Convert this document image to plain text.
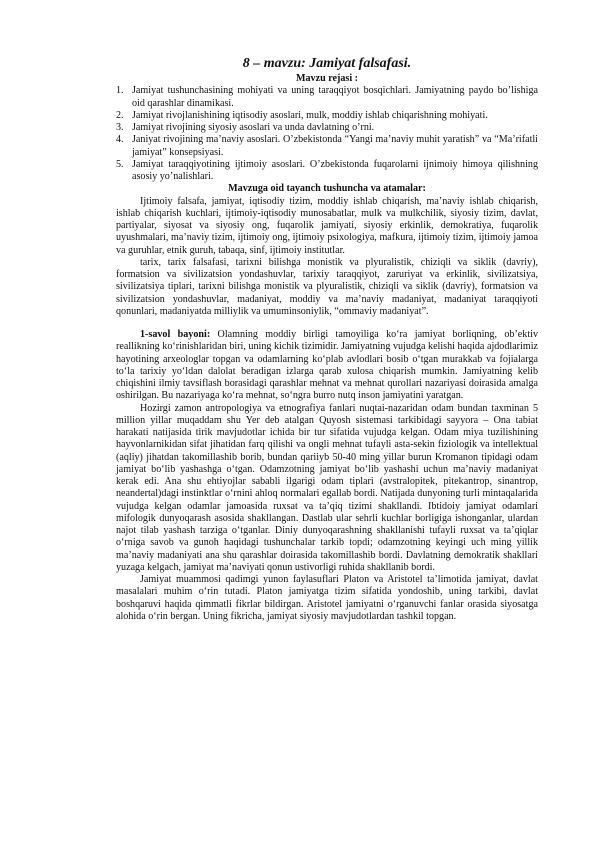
8 – mavzu: Jamiyat falsafasi.
Mavzu rejasi :
1. Jamiyat tushunchasining mohiyati va uning taraqqiyot bosqichlari. Jamiyatning paydo bo’lishiga oid qarashlar dinamikasi.
2. Jamiyat rivojlanishining iqtisodiy asoslari, mulk, moddiy ishlab chiqarishning mohiyati.
3. Jamiyat rivojining siyosiy asoslari va unda davlatning o’rni.
4. Janiyat rivojining ma’naviy asoslari. O’zbekistonda “Yangi ma’naviy muhit yaratish” va “Ma’rifatli jamiyat” konsepsiyasi.
5. Jamiyat taraqqiyotining ijtimoiy asoslari. O’zbekistonda fuqarolarni ijnimoiy himoya qilishning asosiy yo’nalishlari.
Mavzuga oid tayanch tushuncha va atamalar:

Ijtimoiy falsafa, jamiyat, iqtisodiy tizim, moddiy ishlab chiqarish, ma’naviy ishlab chiqarish, ishlab chiqarish kuchlari, ijtimoiy-iqtisodiy munosabatlar, mulk va mulkchilik, siyosiy tizim, davlat, partiyalar, siyosat va siyosiy ong, fuqarolik jamiyati, siyosiy erkinlik, demokratiya, fuqarolik uyushmalari, ma’naviy tizim, ijtimoiy ong, ijtimoiy psixologiya, mafkura, ijtimoiy tizim, ijtimoiy jamoa va guruhlar, etnik guruh, tabaqa, sinf, ijtimoiy institutlar.

tarix, tarix falsafasi, tarixni bilishga monistik va plyuralistik, chiziqli va siklik (davriy), formatsion va sivilizatsion yondashuvlar, tarixiy taraqqiyot, zaruriyat va erkinlik, sivilizatsiya, sivilizatsiya tiplari, tarixni bilishga monistik va plyuralistik, chiziqli va siklik (davriy), formatsion va sivilizatsion yondashuvlar, madaniyat, moddiy va ma’naviy madaniyat, madaniyat taraqqiyoti qonunlari, madaniyatda milliylik va umuminsoniylik, “ommaviy madaniyat”.

1-savol bayoni: Olamning moddiy birligi tamoyiliga ko‘ra jamiyat borliqning, ob’ektiv reallikning ko‘rinishlaridan biri, uning kichik tizimidir. Jamiyatning vujudga kelishi haqida ajdodlarimiz hayotining arxeologlar topgan va odamlarning ko‘plab avlodlari bosib o‘tgan murakkab va fojialarga to‘la tarixiy yo‘ldan dalolat beradigan izlarga qarab xulosa chiqarish mumkin. Jamiyatning kelib chiqishini ilmiy tavsiflash borasidagi qarashlar mehnat va mehnat qurollari nazariyasi doirasida amalga oshirilgan. Bu nazariyaga ko‘ra mehnat, so‘ngra burro nutq inson jamiyatini yaratgan.

Hozirgi zamon antropologiya va etnografiya fanlari nuqtai-nazaridan odam bundan taxminan 5 million yillar muqaddam shu Yer deb atalgan Quyosh sistemasi tarkibidagi sayyora – Ona tabiat harakati natijasida tirik mavjudotlar ichida bir tur sifatida vujudga kelgan. Odam miya tuzilishining hayvonlarnikidan sifat jihatidan farq qilishi va ongli mehnat tufayli asta-sekin fiziologik va intellektual (aqliy) jihatdan takomillashib borib, bundan qariiyb 50-40 ming yillar burun Kromanon tipidagi odam jamiyat bo‘lib yashashga o‘tgan. Odamzotning jamiyat bo‘lib yashashi uchun ma’naviy madaniyat kerak edi. Ana shu ehtiyojlar sababli ilgarigi odam tiplari (avstralopitek, pitekantrop, sinantrop, neandertal)dagi instinktlar o‘rnini ahloq normalari egallab bordi. Natijada dunyoning turli mintaqalarida vujudga kelgan odamlar jamoasida ruxsat va ta’qiq tizimi shakllandi. Ibtidoiy jamiyat odamlari mifologik dunyoqarash asosida shakllangan. Dastlab ular sehrli kuchlar borligiga ishonganlar, ulardan najot tilab yashash tarziga o‘tganlar. Diniy dunyoqarashning shakllanishi tufayli ruxsat va ta’qiqlar o‘rniga savob va gunoh haqidagi tushunchalar tarkib topdi; odamzotning keyingi uch ming yillik ma’naviy madaniyati ana shu qarashlar doirasida takomillashib bordi. Davlatning demokratik shakllari yuzaga kelgach, jamiyat ma’naviyati qonun ustivorligi ruhida shakllanib bordi.

Jamiyat muammosi qadimgi yunon faylasuflari Platon va Aristotel ta’limotida jamiyat, davlat masalalari muhim o‘rin tutadi. Platon jamiyatga tizim sifatida yondoshib, uning tarkibi, davlat boshqaruvi haqida qimmatli fikrlar bildirgan. Aristotel jamiyatni o‘rganuvchi fanlar orasida siyosatga alohida o‘rin bergan. Uning fikricha, jamiyat siyosiy mavjudotlardan tashkil topgan.
